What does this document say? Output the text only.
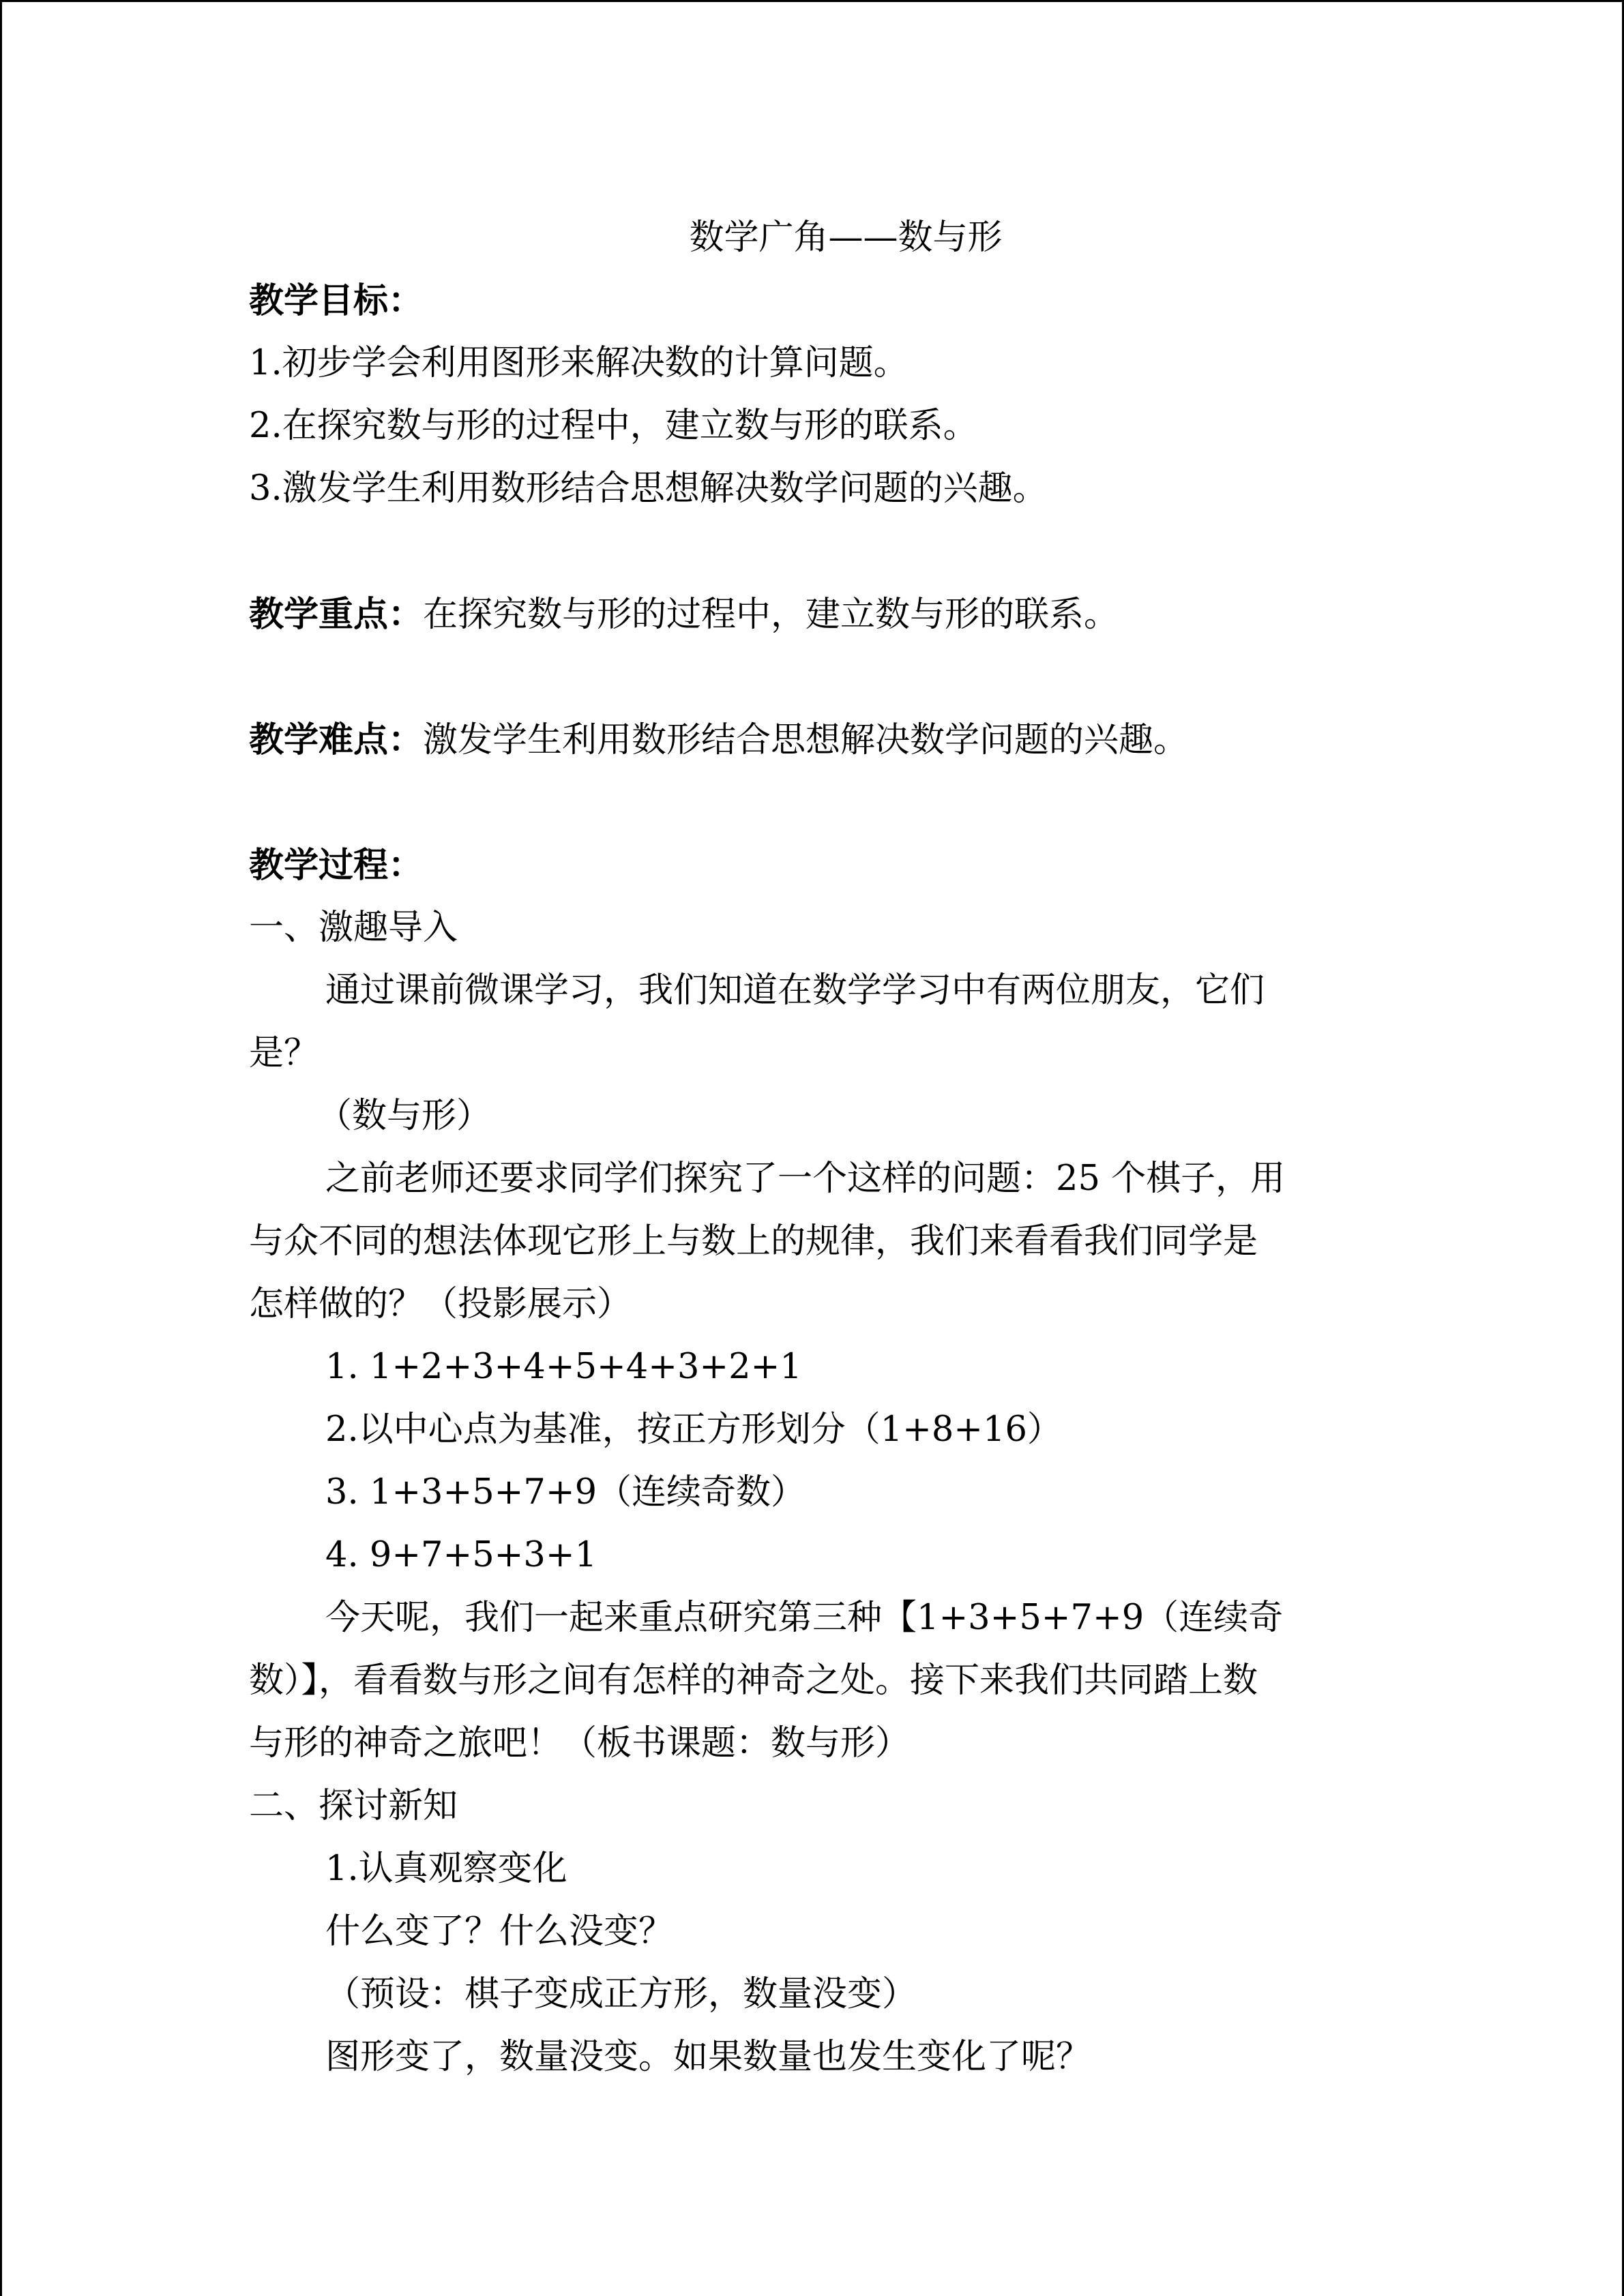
数学广角——数与形
教学目标：
1.初步学会利用图形来解决数的计算问题。
2.在探究数与形的过程中，建立数与形的联系。
3.激发学生利用数形结合思想解决数学问题的兴趣。
教学重点：在探究数与形的过程中，建立数与形的联系。
教学难点：激发学生利用数形结合思想解决数学问题的兴趣。
教学过程：
一、激趣导入
通过课前微课学习，我们知道在数学学习中有两位朋友，它们
是？
（数与形）
之前老师还要求同学们探究了一个这样的问题：25 个棋子，用
与众不同的想法体现它形上与数上的规律，我们来看看我们同学是
怎样做的？（投影展示）
1. 1+2+3+4+5+4+3+2+1
2.以中心点为基准，按正方形划分（1+8+16）
3. 1+3+5+7+9（连续奇数）
4. 9+7+5+3+1
今天呢，我们一起来重点研究第三种【1+3+5+7+9（连续奇
数）】，看看数与形之间有怎样的神奇之处。接下来我们共同踏上数
与形的神奇之旅吧！（板书课题：数与形）
二、探讨新知
1.认真观察变化
什么变了？什么没变？
（预设：棋子变成正方形，数量没变）
图形变了，数量没变。如果数量也发生变化了呢？
